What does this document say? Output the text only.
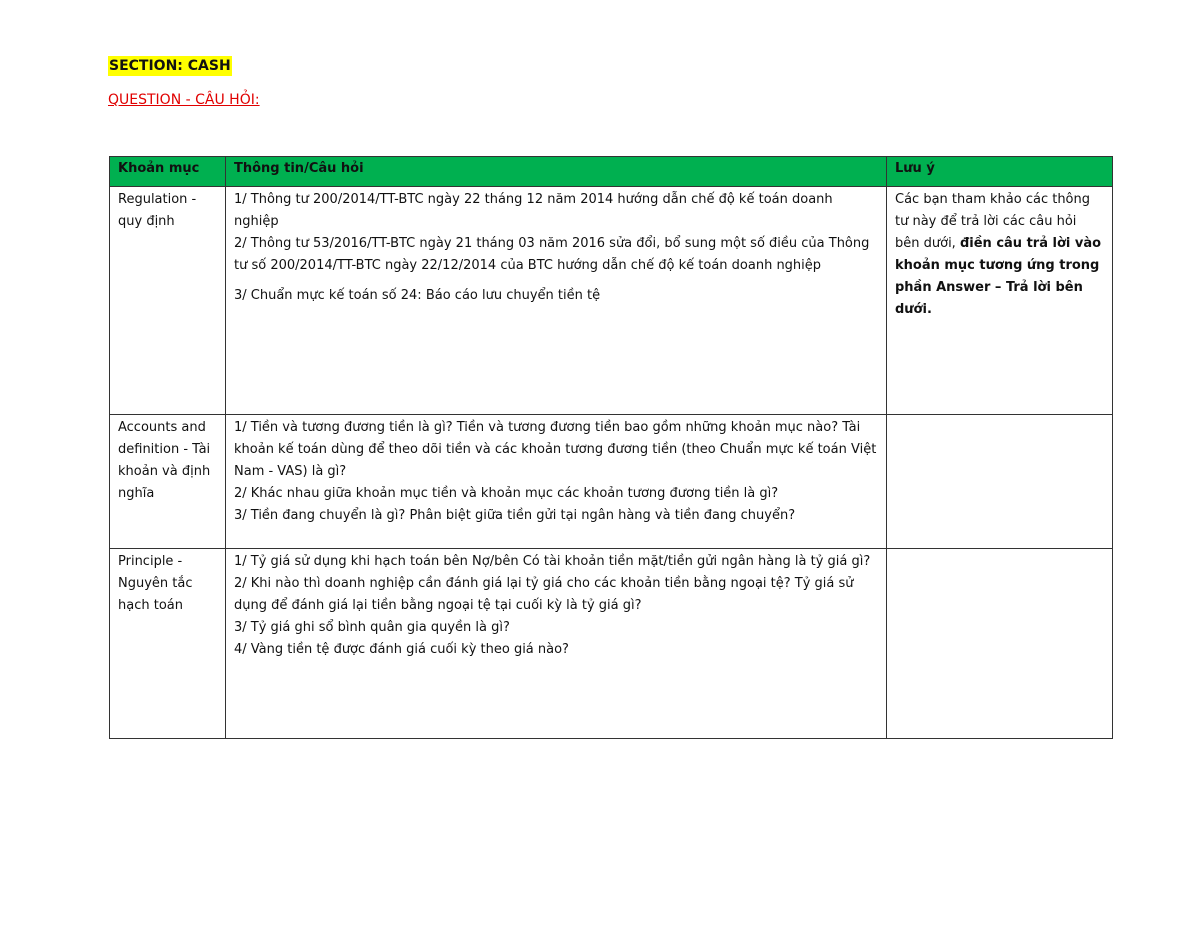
SECTION: CASH
QUESTION - CÂU HỎI:
Khoản mục	Thông tin/Câu hỏi	Lưu ý
Regulation - quy định	1/ Thông tư 200/2014/TT-BTC ngày 22 tháng 12 năm 2014 hướng dẫn chế độ kế toán doanh nghiệp
2/ Thông tư 53/2016/TT-BTC ngày 21 tháng 03 năm 2016 sửa đổi, bổ sung một số điều của Thông tư số 200/2014/TT-BTC ngày 22/12/2014 của BTC hướng dẫn chế độ kế toán doanh nghiệp
3/ Chuẩn mực kế toán số 24: Báo cáo lưu chuyển tiền tệ	Các bạn tham khảo các thông tư này để trả lời các câu hỏi bên dưới, điền câu trả lời vào khoản mục tương ứng trong phần Answer – Trả lời bên dưới.
Accounts and definition - Tài khoản và định nghĩa	1/ Tiền và tương đương tiền là gì? Tiền và tương đương tiền bao gồm những khoản mục nào? Tài khoản kế toán dùng để theo dõi tiền và các khoản tương đương tiền (theo Chuẩn mực kế toán Việt Nam - VAS) là gì?
2/ Khác nhau giữa khoản mục tiền và khoản mục các khoản tương đương tiền là gì?
3/ Tiền đang chuyển là gì? Phân biệt giữa tiền gửi tại ngân hàng và tiền đang chuyển?	

Principle - Nguyên tắc hạch toán	1/ Tỷ giá sử dụng khi hạch toán bên Nợ/bên Có tài khoản tiền mặt/tiền gửi ngân hàng là tỷ giá gì?
2/ Khi nào thì doanh nghiệp cần đánh giá lại tỷ giá cho các khoản tiền bằng ngoại tệ? Tỷ giá sử dụng để đánh giá lại tiền bằng ngoại tệ tại cuối kỳ là tỷ giá gì?
3/ Tỷ giá ghi sổ bình quân gia quyền là gì?
4/ Vàng tiền tệ được đánh giá cuối kỳ theo giá nào?	
